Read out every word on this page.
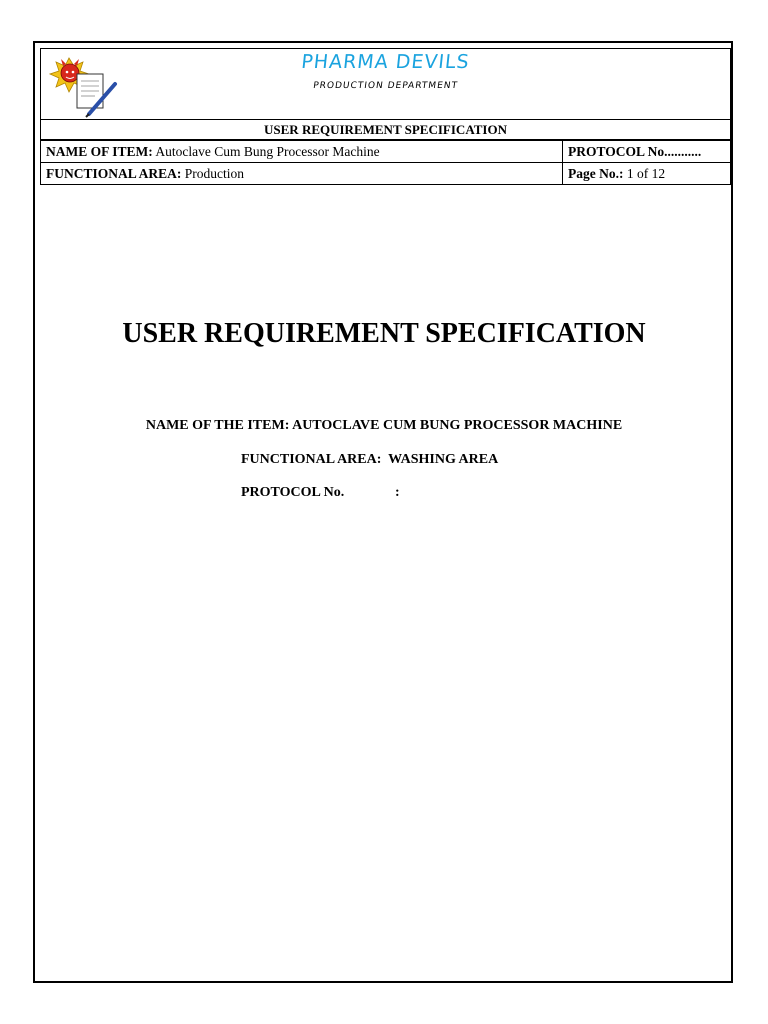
PHARMA DEVILS
PRODUCTION DEPARTMENT
USER REQUIREMENT SPECIFICATION
NAME OF ITEM: Autoclave Cum Bung Processor Machine	PROTOCOL No...........
FUNCTIONAL AREA: Production	Page No.: 1 of 12
USER REQUIREMENT SPECIFICATION
NAME OF THE ITEM: AUTOCLAVE CUM BUNG PROCESSOR MACHINE
FUNCTIONAL AREA:  WASHING AREA
PROTOCOL No.	:
